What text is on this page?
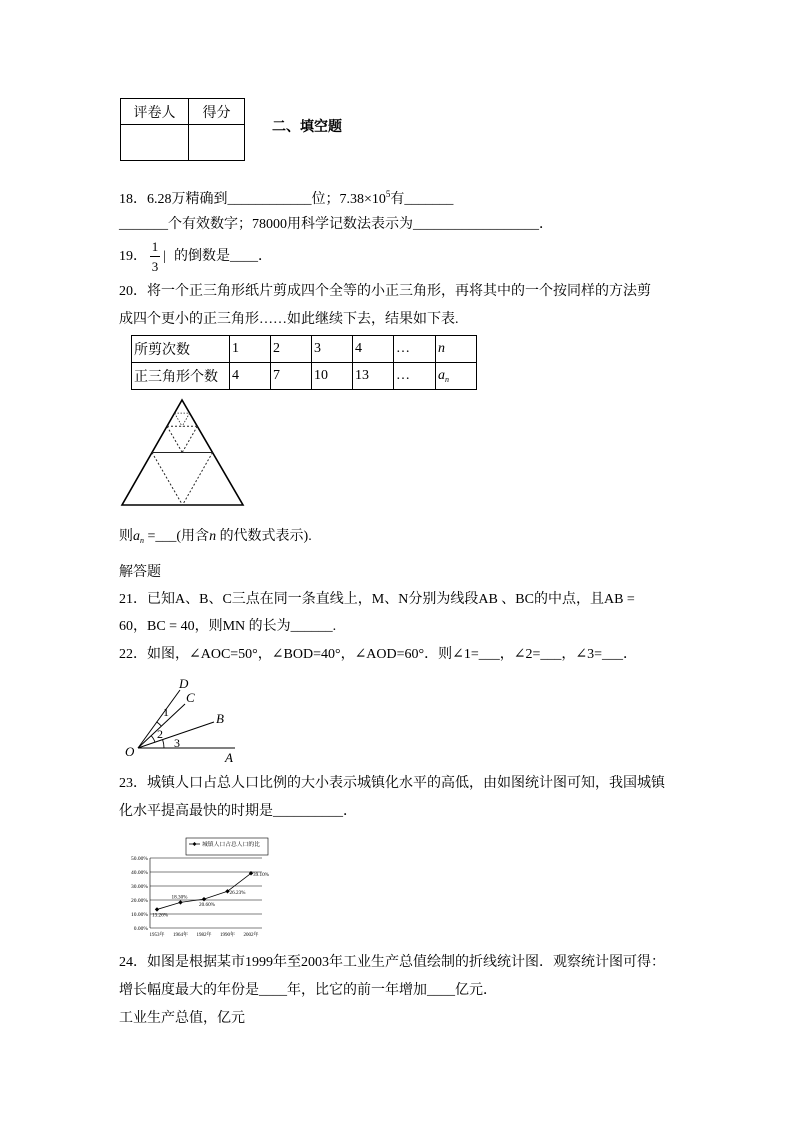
评卷人	得分

二、填空题
18．6.28万精确到____________位；$7.38\times 10^5$有_______
_______个有效数字；78000用科学记数法表示为__________________．
19．
1
3
| 的倒数是____．
20．将一个正三角形纸片剪成四个全等的小正三角形，再将其中的一个按同样的方法剪
成四个更小的正三角形……如此继续下去，结果如下表.
所剪次数	1	2	3	4	…	n
正三角形个数	4	7	10	13	…	$a_n$
则$a_n$ =___(用含n 的代数式表示).
解答题
21．已知A、B、C三点在同一条直线上，M、N分别为线段AB 、BC的中点，且AB =
60，BC = 40，则MN 的长为______.
22．如图，∠AOC=50°，∠BOD=40°，∠AOD=60°．则∠1=___，∠2=___，∠3=___．
D
C
B
A
O
1
2
3
23．城镇人口占总人口比例的大小表示城镇化水平的高低，由如图统计图可知，我国城镇
化水平提高最快的时期是__________．
50.00%
40.00%
30.00%
20.00%
10.00%
0.00%
1953年 1964年 1982年 1990年 2002年
13.26%
18.30%
20.60%
26.23%
39.10%
城镇人口占总人口的比
24．如图是根据某市1999年至2003年工业生产总值绘制的折线统计图．观察统计图可得：
增长幅度最大的年份是____年，比它的前一年增加____亿元．
工业生产总值，亿元
